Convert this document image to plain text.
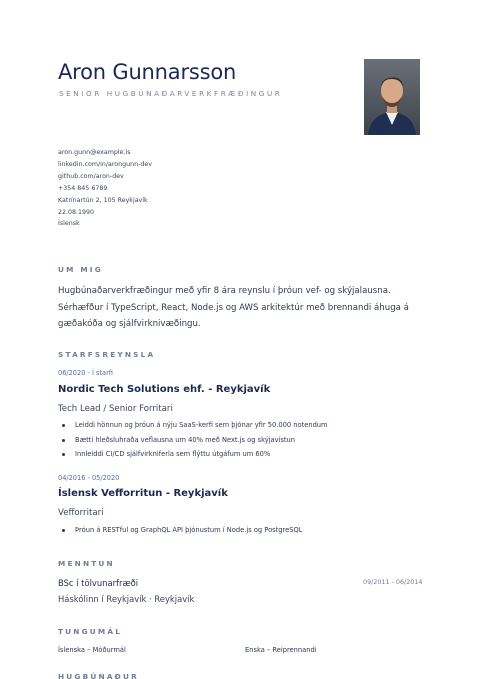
Aron Gunnarsson
SENIOR HUGBÚNAÐARVERKFRÆÐINGUR
aron.gunn@example.is
linkedin.com/in/arongunn-dev
github.com/aron-dev
+354 845 6789
Katrínartún 2, 105 Reykjavík
22.08.1990
Íslensk
UM MIG
Hugbúnaðarverkfræðingur með yfir 8 ára reynslu í þróun vef- og skýjalausna. Sérhæfður í TypeScript, React, Node.js og AWS arkitektúr með brennandi áhuga á gæðakóða og sjálfvirknivæðingu.
STARFSREYNSLA
06/2020 - Í starfi
Nordic Tech Solutions ehf. - Reykjavík
Tech Lead / Senior Forritari
Leiddi hönnun og þróun á nýju SaaS-kerfi sem þjónar yfir 50.000 notendum
Bætti hleðsluhraða veflausna um 40% með Next.js og skýjavistun
Innleiddi CI/CD sjálfvirkniferla sem flýttu útgáfum um 60%
04/2016 - 05/2020
Íslensk Vefforritun - Reykjavík
Vefforritari
Þróun á RESTful og GraphQL API þjónustum í Node.js og PostgreSQL
MENNTUN
BSc í tölvunarfræði	09/2011 - 06/2014
Háskólinn í Reykjavík · Reykjavík
TUNGUMÁL
Íslenska – Móðurmál	Enska – Reiprennandi
HUGBÚNAÐUR
